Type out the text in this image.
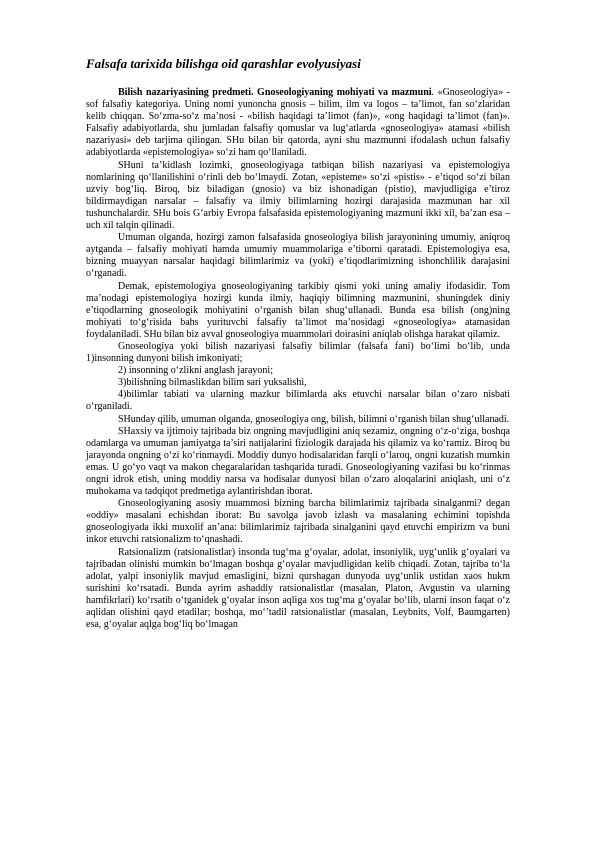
Falsafa tarixida bilishga oid qarashlar evolyusiyasi

Bilish nazariyasining predmeti. Gnoseologiyaning mohiyati va mazmuni. «Gnoseologiya» - sof falsafiy kategoriya. Uning nomi yunoncha gnosis – bilim, ilm va logos – ta’limot, fan so‘zlaridan kelib chiqqan. So‘zma-so‘z ma’nosi - «bilish haqidagi ta’limot (fan)», «ong haqidagi ta’limot (fan)». Falsafiy adabiyotlarda, shu jumladan falsafiy qomuslar va lug‘atlarda «gnoseologiya» atamasi «bilish nazariyasi» deb tarjima qilingan. SHu bilan bir qatorda, ayni shu mazmunni ifodalash uchun falsafiy adabiyotlarda «epistemologiya» so‘zi ham qo‘llaniladi.

SHuni ta’kidlash lozimki, gnoseologiyaga tatbiqan bilish nazariyasi va epistemologiya nomlarining qo‘llanilishini o‘rinli deb bo‘lmaydi. Zotan, «episteme» so‘zi «pistis» - e’tiqod so‘zi bilan uzviy bog‘liq. Biroq, biz biladigan (gnosio) va biz ishonadigan (pistio), mavjudligiga e’tiroz bildirmaydigan narsalar – falsafiy va ilmiy bilimlarning hozirgi darajasida mazmunan har xil tushunchalardir. SHu bois G‘arbiy Evropa falsafasida epistemologiyaning mazmuni ikki xil, ba’zan esa – uch xil talqin qilinadi.

Umuman olganda, hozirgi zamon falsafasida gnoseologiya bilish jarayonining umumiy, aniqroq aytganda – falsafiy mohiyati hamda umumiy muammolariga e’tiborni qaratadi. Epistemologiya esa, bizning muayyan narsalar haqidagi bilimlarimiz va (yoki) e’tiqodlarimizning ishonchlilik darajasini o‘rganadi.

Demak, epistemologiya gnoseologiyaning tarkibiy qismi yoki uning amaliy ifodasidir. Tom ma’nodagi epistemologiya hozirgi kunda ilmiy, haqiqiy bilimning mazmunini, shuningdek diniy e’tiqodlarning gnoseologik mohiyatini o‘rganish bilan shug‘ullanadi. Bunda esa bilish (ong)ning mohiyati to‘g‘risida bahs yurituvchi falsafiy ta’limot ma’nosidagi «gnoseologiya» atamasidan foydalaniladi. SHu bilan biz avval gnoseologiya muammolari doirasini aniqlab olishga harakat qilamiz.

Gnoseologiya yoki bilish nazariyasi falsafiy bilimlar (falsafa fani) bo‘limi bo‘lib, unda 1)insonning dunyoni bilish imkoniyati;

2) insonning o‘zlikni anglash jarayoni;

3)bilishning bilmaslikdan bilim sari yuksalishi,

4)bilimlar tabiati va ularning mazkur bilimlarda aks etuvchi narsalar bilan o‘zaro nisbati o‘rganiladi.

SHunday qilib, umuman olganda, gnoseologiya ong, bilish, bilimni o‘rganish bilan shug‘ullanadi.

SHaxsiy va ijtimoiy tajribada biz ongning mavjudligini aniq sezamiz, ongning o‘z-o‘ziga, boshqa odamlarga va umuman jamiyatga ta’siri natijalarini fiziologik darajada his qilamiz va ko‘ramiz. Biroq bu jarayonda ongning o‘zi ko‘rinmaydi. Moddiy dunyo hodisalaridan farqli o‘laroq, ongni kuzatish mumkin emas. U go‘yo vaqt va makon chegaralaridan tashqarida turadi. Gnoseologiyaning vazifasi bu ko‘rinmas ongni idrok etish, uning moddiy narsa va hodisalar dunyosi bilan o‘zaro aloqalarini aniqlash, uni o‘z muhokama va tadqiqot predmetiga aylantirishdan iborat.

Gnoseologiyaning asosiy muammosi bizning barcha bilimlarimiz tajribada sinalganmi? degan «oddiy» masalani echishdan iborat: Bu savolga javob izlash va masalaning echimini topishda gnoseologiyada ikki muxolif an’ana: bilimlarimiz tajribada sinalganini qayd etuvchi empirizm va buni inkor etuvchi ratsionalizm to‘qnashadi.

Ratsionalizm (ratsionalistlar) insonda tug‘ma g‘oyalar, adolat, insoniylik, uyg‘unlik g‘oyalari va tajribadan olinishi mumkin bo‘lmagan boshqa g‘oyalar mavjudligidan kelib chiqadi. Zotan, tajriba to‘la adolat, yalpi insoniylik mavjud emasligini, bizni qurshagan dunyoda uyg‘unlik ustidan xaos hukm surishini ko‘rsatadi. Bunda ayrim ashaddiy ratsionalistlar (masalan, Platon, Avgustin va ularning hamfikrlari) ko‘rsatib o‘tganidek g‘oyalar inson aqliga xos tug‘ma g‘oyalar bo‘lib, ularni inson faqat o‘z aqlidan olishini qayd etadilar; boshqa, mo‘’tadil ratsionalistlar (masalan, Leybnits, Volf, Baumgarten) esa, g‘oyalar aqlga bog‘liq bo‘lmagan
